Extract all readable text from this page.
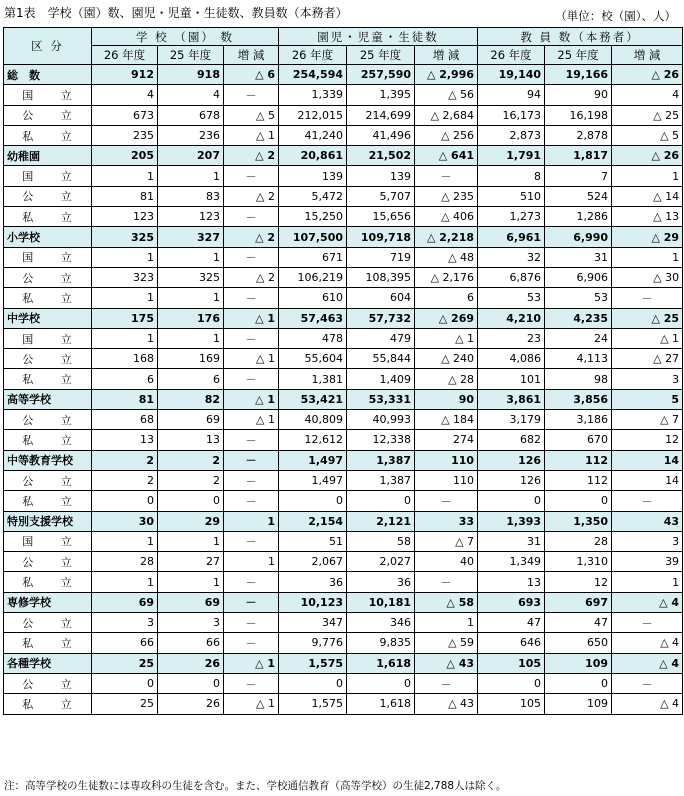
第1表　学校（園）数、園児・児童・生徒数、教員数（本務者）	（単位：校（園）、人）
区 分	学 校 （園） 数			園児・児童・生徒数			教 員 数（本務者）		
	26 年度	25 年度	増 減	26 年度	25 年度	増 減	26 年度	25 年度	増 減
総　数	912	918	△ 6	254,594	257,590	△ 2,996	19,140	19,166	△ 26
国 立	4	4	－	1,339	1,395	△ 56	94	90	4
公 立	673	678	△ 5	212,015	214,699	△ 2,684	16,173	16,198	△ 25
私 立	235	236	△ 1	41,240	41,496	△ 256	2,873	2,878	△ 5
幼稚園	205	207	△ 2	20,861	21,502	△ 641	1,791	1,817	△ 26
国 立	1	1	－	139	139	－	8	7	1
公 立	81	83	△ 2	5,472	5,707	△ 235	510	524	△ 14
私 立	123	123	－	15,250	15,656	△ 406	1,273	1,286	△ 13
小学校	325	327	△ 2	107,500	109,718	△ 2,218	6,961	6,990	△ 29
国 立	1	1	－	671	719	△ 48	32	31	1
公 立	323	325	△ 2	106,219	108,395	△ 2,176	6,876	6,906	△ 30
私 立	1	1	－	610	604	6	53	53	－
中学校	175	176	△ 1	57,463	57,732	△ 269	4,210	4,235	△ 25
国 立	1	1	－	478	479	△ 1	23	24	△ 1
公 立	168	169	△ 1	55,604	55,844	△ 240	4,086	4,113	△ 27
私 立	6	6	－	1,381	1,409	△ 28	101	98	3
高等学校	81	82	△ 1	53,421	53,331	90	3,861	3,856	5
公 立	68	69	△ 1	40,809	40,993	△ 184	3,179	3,186	△ 7
私 立	13	13	－	12,612	12,338	274	682	670	12
中等教育学校	2	2	－	1,497	1,387	110	126	112	14
公 立	2	2	－	1,497	1,387	110	126	112	14
私 立	0	0	－	0	0	－	0	0	－
特別支援学校	30	29	1	2,154	2,121	33	1,393	1,350	43
国 立	1	1	－	51	58	△ 7	31	28	3
公 立	28	27	1	2,067	2,027	40	1,349	1,310	39
私 立	1	1	－	36	36	－	13	12	1
専修学校	69	69	－	10,123	10,181	△ 58	693	697	△ 4
公 立	3	3	－	347	346	1	47	47	－
私 立	66	66	－	9,776	9,835	△ 59	646	650	△ 4
各種学校	25	26	△ 1	1,575	1,618	△ 43	105	109	△ 4
公 立	0	0	－	0	0	－	0	0	－
私 立	25	26	△ 1	1,575	1,618	△ 43	105	109	△ 4
注：高等学校の生徒数には専攻科の生徒を含む。また、学校通信教育（高等学校）の生徒2,788人は除く。
